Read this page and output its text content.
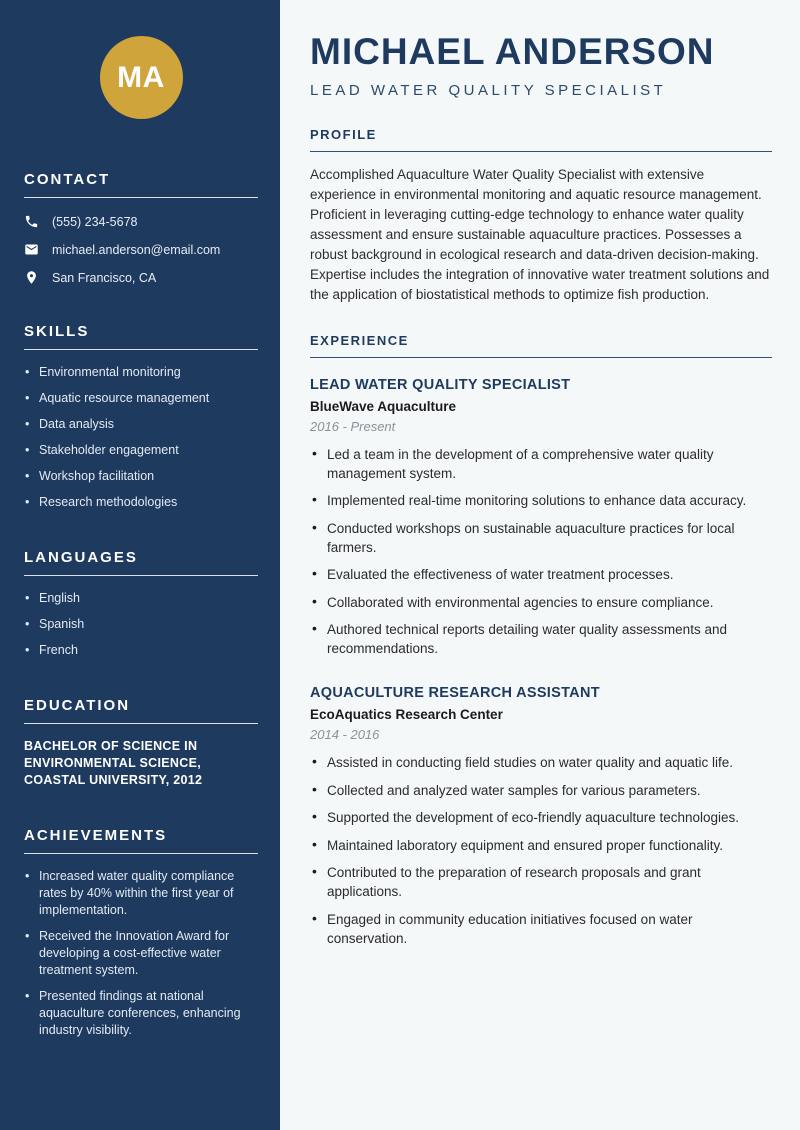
MA
CONTACT
(555) 234-5678
michael.anderson@email.com
San Francisco, CA
SKILLS
• Environmental monitoring
• Aquatic resource management
• Data analysis
• Stakeholder engagement
• Workshop facilitation
• Research methodologies
LANGUAGES
• English
• Spanish
• French
EDUCATION
BACHELOR OF SCIENCE IN ENVIRONMENTAL SCIENCE, COASTAL UNIVERSITY, 2012
ACHIEVEMENTS
• Increased water quality compliance rates by 40% within the first year of implementation.
• Received the Innovation Award for developing a cost-effective water treatment system.
• Presented findings at national aquaculture conferences, enhancing industry visibility.
MICHAEL ANDERSON
LEAD WATER QUALITY SPECIALIST
PROFILE

Accomplished Aquaculture Water Quality Specialist with extensive experience in environmental monitoring and aquatic resource management. Proficient in leveraging cutting-edge technology to enhance water quality assessment and ensure sustainable aquaculture practices. Possesses a robust background in ecological research and data-driven decision-making. Expertise includes the integration of innovative water treatment solutions and the application of biostatistical methods to optimize fish production.

EXPERIENCE
LEAD WATER QUALITY SPECIALIST
BlueWave Aquaculture
2016 - Present
• Led a team in the development of a comprehensive water quality management system.
• Implemented real-time monitoring solutions to enhance data accuracy.
• Conducted workshops on sustainable aquaculture practices for local farmers.
• Evaluated the effectiveness of water treatment processes.
• Collaborated with environmental agencies to ensure compliance.
• Authored technical reports detailing water quality assessments and recommendations.
AQUACULTURE RESEARCH ASSISTANT
EcoAquatics Research Center
2014 - 2016
• Assisted in conducting field studies on water quality and aquatic life.
• Collected and analyzed water samples for various parameters.
• Supported the development of eco-friendly aquaculture technologies.
• Maintained laboratory equipment and ensured proper functionality.
• Contributed to the preparation of research proposals and grant applications.
• Engaged in community education initiatives focused on water conservation.
